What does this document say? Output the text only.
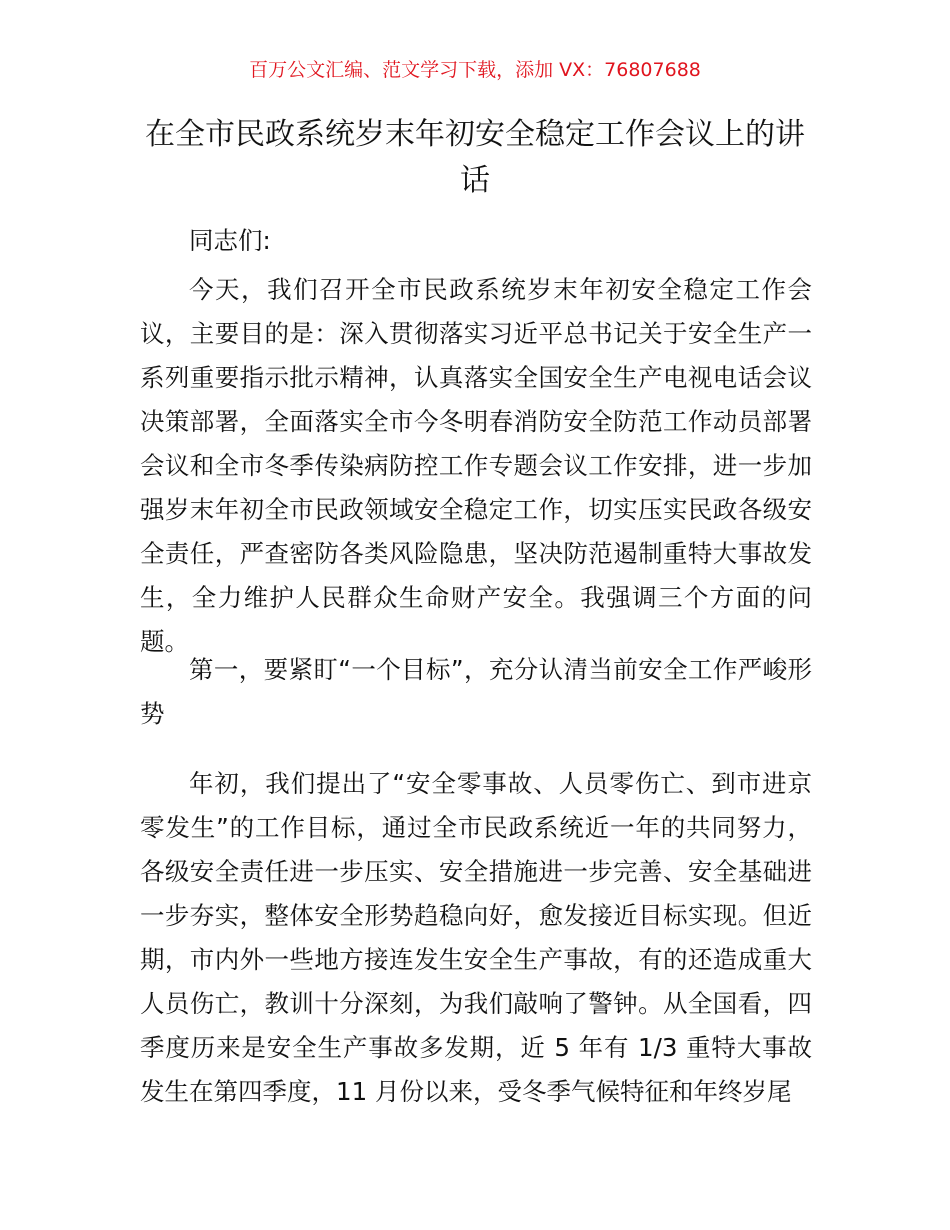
百万公文汇编、范文学习下载，添加 VX：76807688
在全市民政系统岁末年初安全稳定工作会议上的讲话

同志们:

今天，我们召开全市民政系统岁末年初安全稳定工作会议，主要目的是：深入贯彻落实习近平总书记关于安全生产一系列重要指示批示精神，认真落实全国安全生产电视电话会议决策部署，全面落实全市今冬明春消防安全防范工作动员部署会议和全市冬季传染病防控工作专题会议工作安排，进一步加强岁末年初全市民政领域安全稳定工作，切实压实民政各级安全责任，严查密防各类风险隐患，坚决防范遏制重特大事故发生，全力维护人民群众生命财产安全。我强调三个方面的问题。

第一，要紧盯“一个目标”，充分认清当前安全工作严峻形势

年初，我们提出了“安全零事故、人员零伤亡、到市进京零发生”的工作目标，通过全市民政系统近一年的共同努力，各级安全责任进一步压实、安全措施进一步完善、安全基础进一步夯实，整体安全形势趋稳向好，愈发接近目标实现。但近期，市内外一些地方接连发生安全生产事故，有的还造成重大人员伤亡，教训十分深刻，为我们敲响了警钟。从全国看，四季度历来是安全生产事故多发期，近 5 年有 1/3 重特大事故发生在第四季度，11 月份以来，受冬季气候特征和年终岁尾
